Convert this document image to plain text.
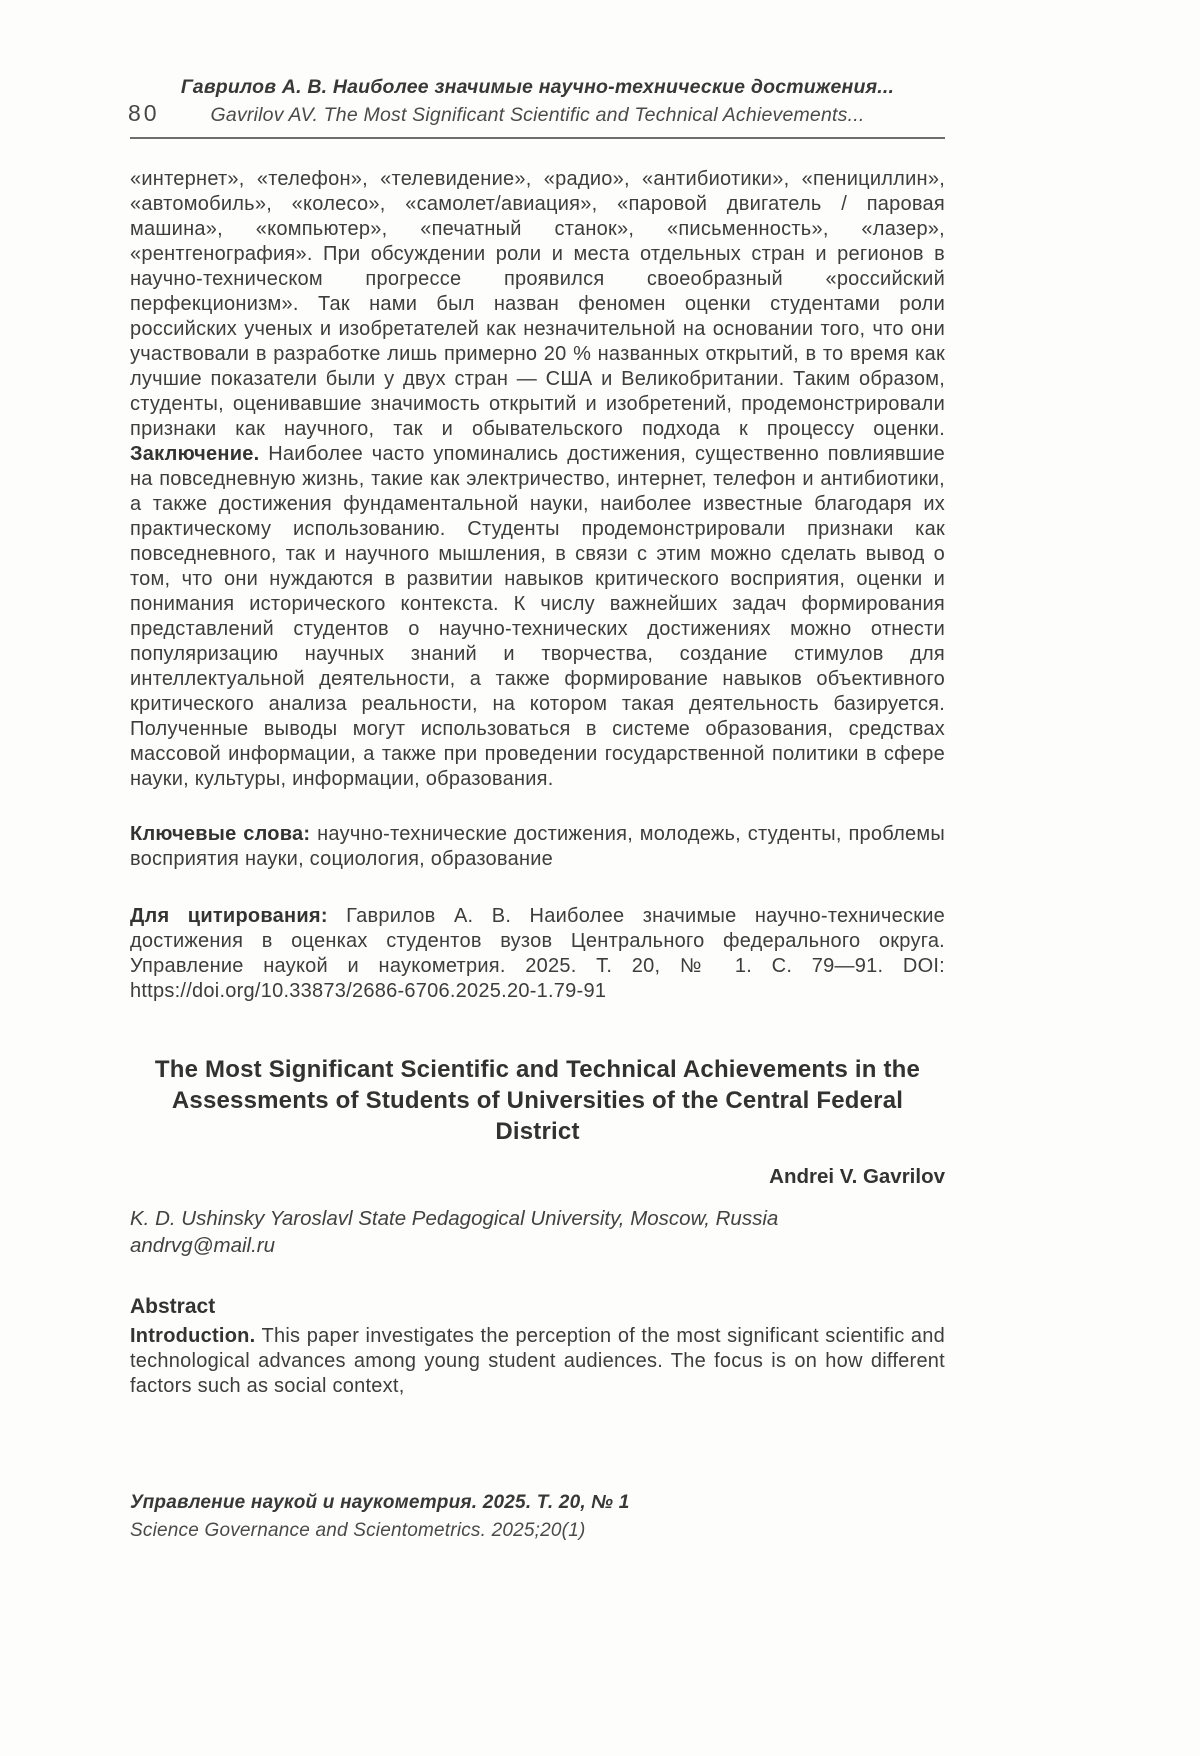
80
Гаврилов А. В. Наиболее значимые научно-технические достижения...
Gavrilov AV. The Most Significant Scientific and Technical Achievements...

«интернет», «телефон», «телевидение», «радио», «антибиотики», «пенициллин», «автомобиль», «колесо», «самолет/авиация», «паровой двигатель / паровая машина», «компьютер», «печатный станок», «письменность», «лазер», «рентгенография». При обсуждении роли и места отдельных стран и регионов в научно-техническом прогрессе проявился своеобразный «российский перфекционизм». Так нами был назван феномен оценки студентами роли российских ученых и изобретателей как незначительной на основании того, что они участвовали в разработке лишь примерно 20 % названных открытий, в то время как лучшие показатели были у двух стран — США и Великобритании. Таким образом, студенты, оценивавшие значимость открытий и изобретений, продемонстрировали признаки как научного, так и обывательского подхода к процессу оценки. Заключение. Наиболее часто упоминались достижения, существенно повлиявшие на повседневную жизнь, такие как электричество, интернет, телефон и антибиотики, а также достижения фундаментальной науки, наиболее известные благодаря их практическому использованию. Студенты продемонстрировали признаки как повседневного, так и научного мышления, в связи с этим можно сделать вывод о том, что они нуждаются в развитии навыков критического восприятия, оценки и понимания исторического контекста. К числу важнейших задач формирования представлений студентов о научно-технических достижениях можно отнести популяризацию научных знаний и творчества, создание стимулов для интеллектуальной деятельности, а также формирование навыков объективного критического анализа реальности, на котором такая деятельность базируется. Полученные выводы могут использоваться в системе образования, средствах массовой информации, а также при проведении государственной политики в сфере науки, культуры, информации, образования.

Ключевые слова: научно-технические достижения, молодежь, студенты, проблемы восприятия науки, социология, образование

Для цитирования: Гаврилов А. В. Наиболее значимые научно-технические достижения в оценках студентов вузов Центрального федерального округа. Управление наукой и наукометрия. 2025. Т. 20, № 1. С. 79—91. DOI: https://doi.org/10.33873/2686-6706.2025.20-1.79-91

The Most Significant Scientific and Technical Achievements in the Assessments of Students of Universities of the Central Federal District
Andrei V. Gavrilov
K. D. Ushinsky Yaroslavl State Pedagogical University, Moscow, Russia
andrvg@mail.ru
Abstract

Introduction. This paper investigates the perception of the most significant scientific and technological advances among young student audiences. The focus is on how different factors such as social context,

Управление наукой и наукометрия. 2025. Т. 20, № 1
Science Governance and Scientometrics. 2025;20(1)
